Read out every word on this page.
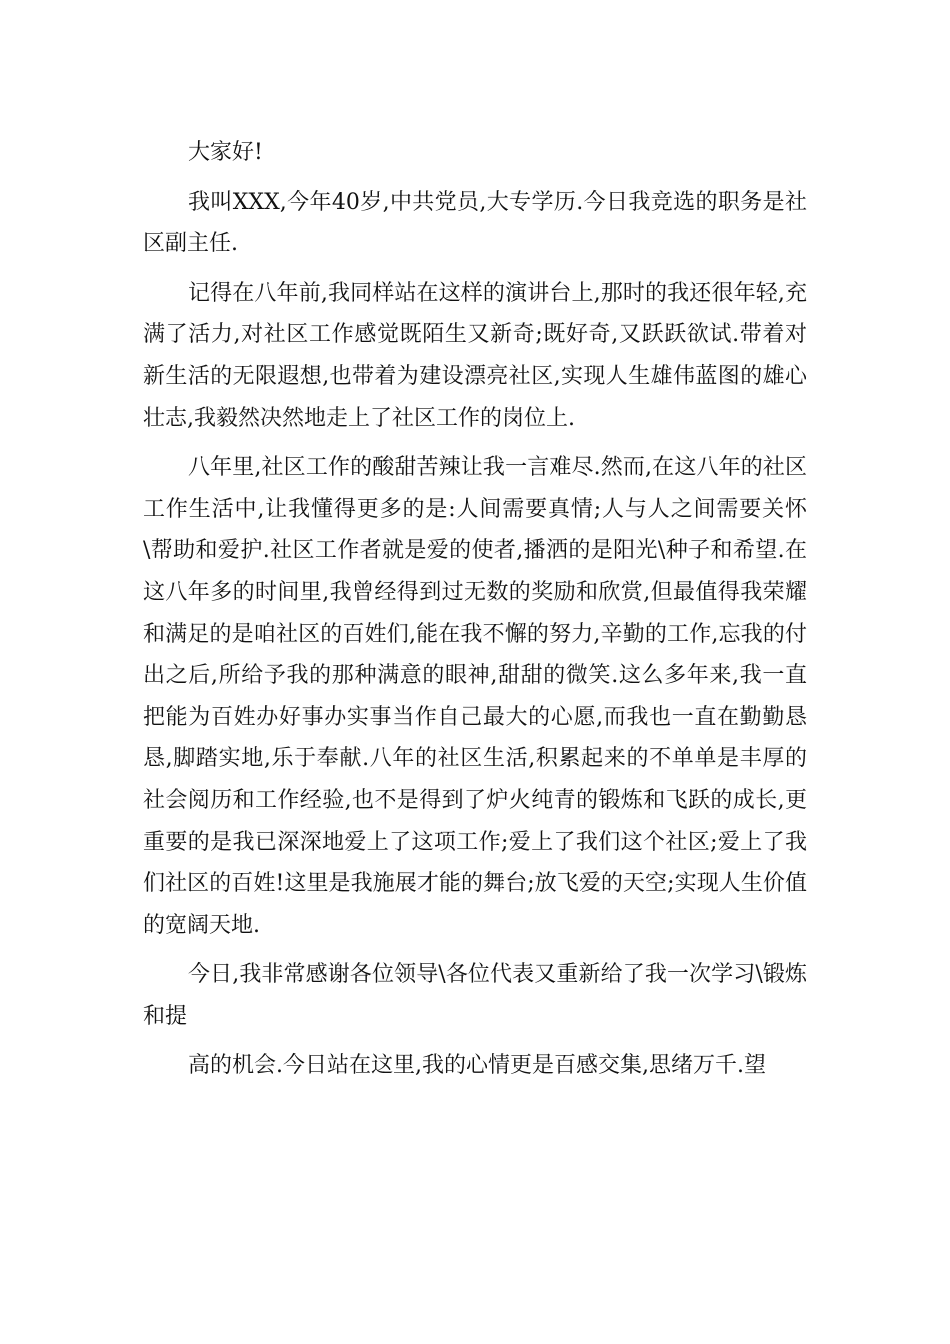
大家好!

我叫XXX,今年40岁,中共党员,大专学历.今日我竞选的职务是社区副主任.

记得在八年前,我同样站在这样的演讲台上,那时的我还很年轻,充满了活力,对社区工作感觉既陌生又新奇;既好奇,又跃跃欲试.带着对新生活的无限遐想,也带着为建设漂亮社区,实现人生雄伟蓝图的雄心壮志,我毅然决然地走上了社区工作的岗位上.

八年里,社区工作的酸甜苦辣让我一言难尽.然而,在这八年的社区工作生活中,让我懂得更多的是:人间需要真情;人与人之间需要关怀\帮助和爱护.社区工作者就是爱的使者,播洒的是阳光\种子和希望.在这八年多的时间里,我曾经得到过无数的奖励和欣赏,但最值得我荣耀和满足的是咱社区的百姓们,能在我不懈的努力,辛勤的工作,忘我的付出之后,所给予我的那种满意的眼神,甜甜的微笑.这么多年来,我一直把能为百姓办好事办实事当作自己最大的心愿,而我也一直在勤勤恳恳,脚踏实地,乐于奉献.八年的社区生活,积累起来的不单单是丰厚的社会阅历和工作经验,也不是得到了炉火纯青的锻炼和飞跃的成长,更重要的是我已深深地爱上了这项工作;爱上了我们这个社区;爱上了我们社区的百姓!这里是我施展才能的舞台;放飞爱的天空;实现人生价值的宽阔天地.

今日,我非常感谢各位领导\各位代表又重新给了我一次学习\锻炼和提

高的机会.今日站在这里,我的心情更是百感交集,思绪万千.望
